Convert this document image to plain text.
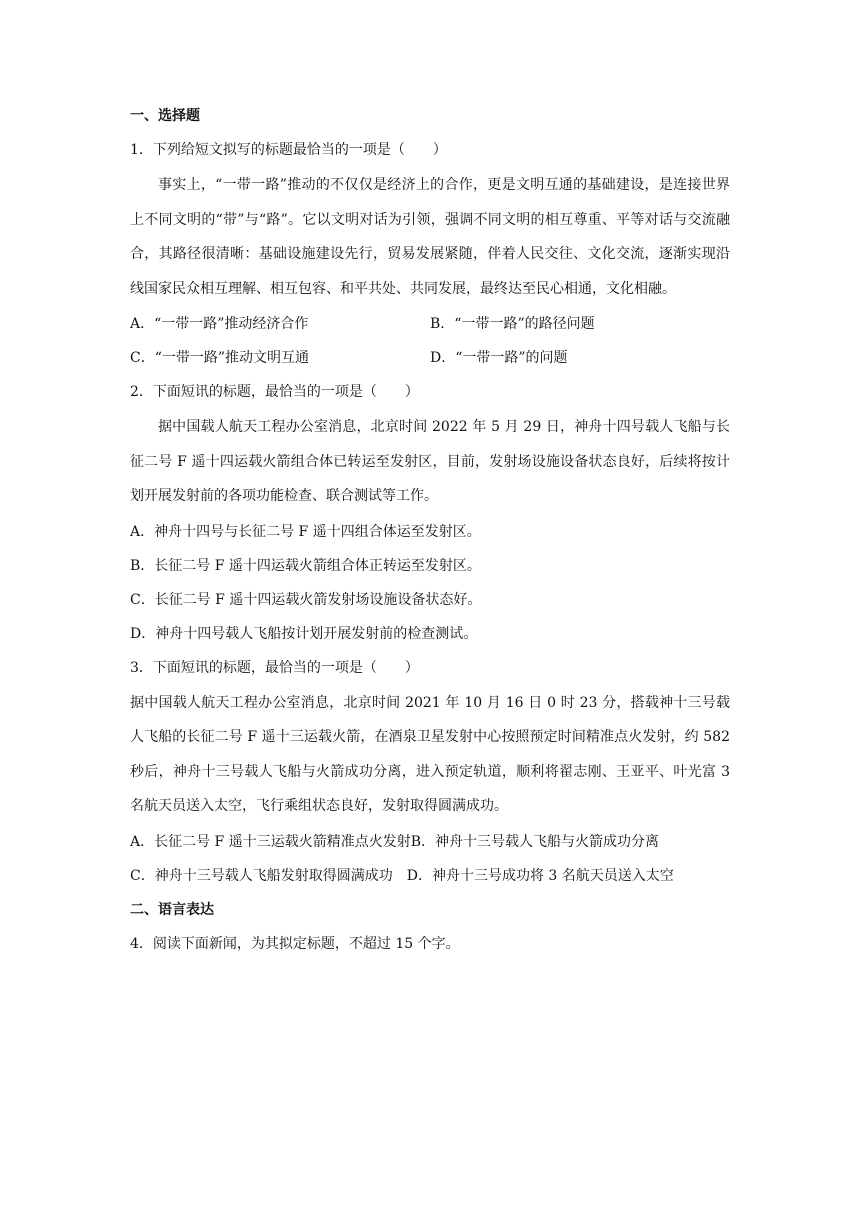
一、选择题
1．下列给短文拟写的标题最恰当的一项是（　　）
事实上，“一带一路”推动的不仅仅是经济上的合作，更是文明互通的基础建设，是连接世界上不同文明的“带”与“路”。它以文明对话为引领，强调不同文明的相互尊重、平等对话与交流融合，其路径很清晰：基础设施建设先行，贸易发展紧随，伴着人民交往、文化交流，逐渐实现沿线国家民众相互理解、相互包容、和平共处、共同发展，最终达至民心相通，文化相融。
A．“一带一路”推动经济合作	B．“一带一路”的路径问题
C．“一带一路”推动文明互通	D．“一带一路”的问题
2．下面短讯的标题，最恰当的一项是（　　）
据中国载人航天工程办公室消息，北京时间 2022 年 5 月 29 日，神舟十四号载人飞船与长征二号 F 遥十四运载火箭组合体已转运至发射区，目前，发射场设施设备状态良好，后续将按计划开展发射前的各项功能检查、联合测试等工作。
A．神舟十四号与长征二号 F 遥十四组合体运至发射区。
B．长征二号 F 遥十四运载火箭组合体正转运至发射区。
C．长征二号 F 遥十四运载火箭发射场设施设备状态好。
D．神舟十四号载人飞船按计划开展发射前的检查测试。
3．下面短讯的标题，最恰当的一项是（　　）
据中国载人航天工程办公室消息，北京时间 2021 年 10 月 16 日 0 时 23 分，搭载神十三号载人飞船的长征二号 F 遥十三运载火箭，在酒泉卫星发射中心按照预定时间精准点火发射，约 582 秒后，神舟十三号载人飞船与火箭成功分离，进入预定轨道，顺利将翟志刚、王亚平、叶光富 3 名航天员送入太空，飞行乘组状态良好，发射取得圆满成功。
A．长征二号 F 遥十三运载火箭精准点火发射 B．神舟十三号载人飞船与火箭成功分离
C．神舟十三号载人飞船发射取得圆满成功 D．神舟十三号成功将 3 名航天员送入太空
二、语言表达
4．阅读下面新闻，为其拟定标题，不超过 15 个字。
